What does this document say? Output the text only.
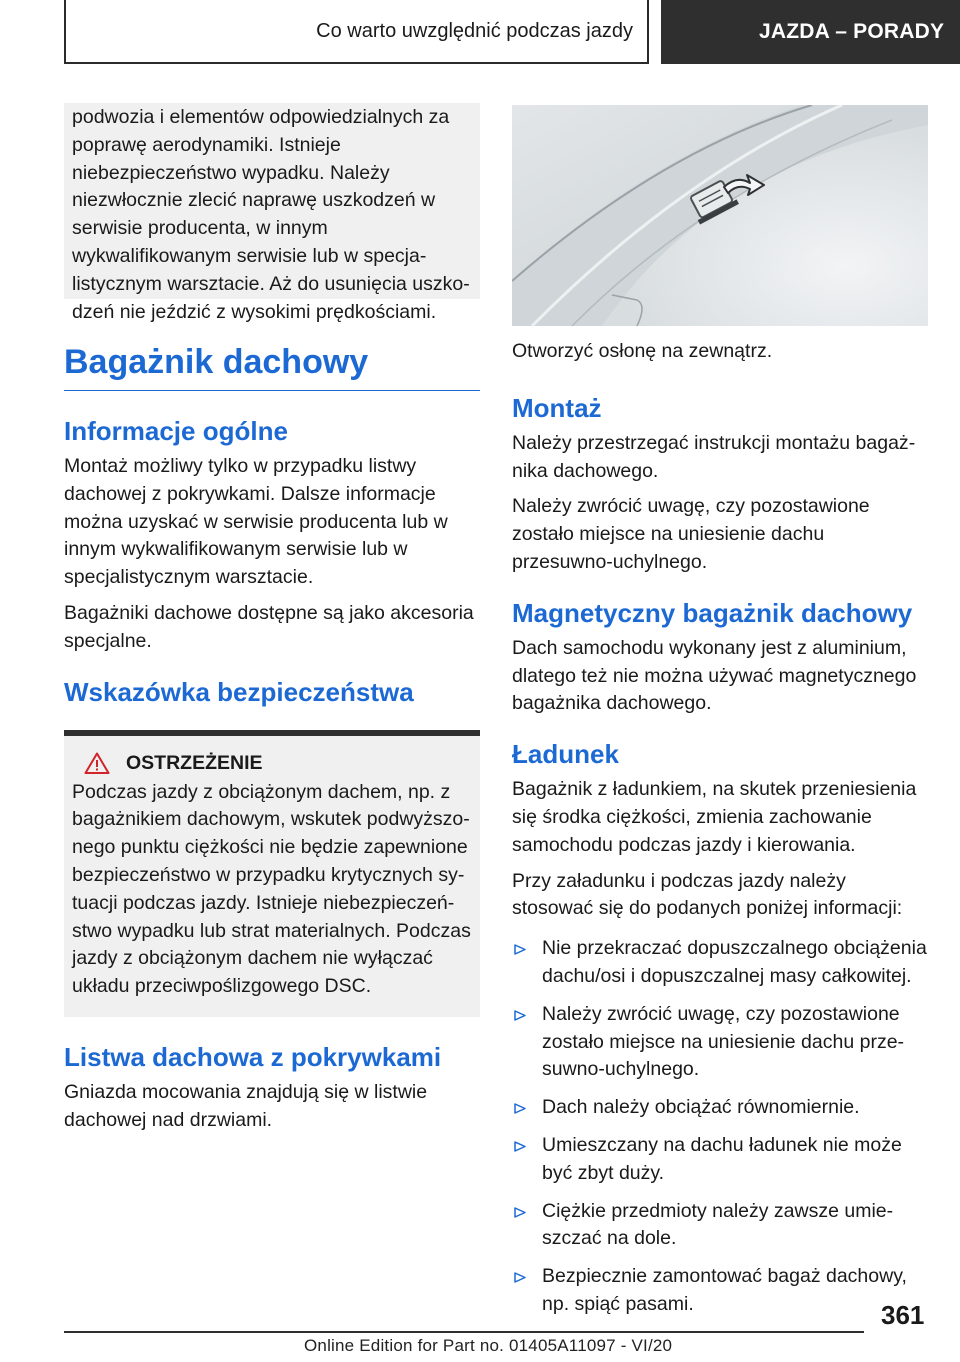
Co warto uwzględnić podczas jazdy	JAZDA – PORADY

podwozia i elementów odpowiedzialnych za poprawę aerodynamiki. Istnieje niebezpieczeństwo wypadku. Należy niezwłocznie zlecić naprawę uszkodzeń w serwisie producenta, w innym wykwalifikowanym serwisie lub w specjalistycznym warsztacie. Aż do usunięcia uszkodzeń nie jeździć z wysokimi prędkościami.

Bagażnik dachowy
Informacje ogólne

Montaż możliwy tylko w przypadku listwy dachowej z pokrywkami. Dalsze informacje można uzyskać w serwisie producenta lub w innym wykwalifikowanym serwisie lub w specjalistycznym warsztacie.

Bagażniki dachowe dostępne są jako akcesoria specjalne.

Wskazówka bezpieczeństwa
OSTRZEŻENIE

Podczas jazdy z obciążonym dachem, np. z bagażnikiem dachowym, wskutek podwyższonego punktu ciężkości nie będzie zapewnione bezpieczeństwo w przypadku krytycznych sytuacji podczas jazdy. Istnieje niebezpieczeństwo wypadku lub strat materialnych. Podczas jazdy z obciążonym dachem nie wyłączać układu przeciwpoślizgowego DSC.

Listwa dachowa z pokrywkami

Gniazda mocowania znajdują się w listwie dachowej nad drzwiami.

Otworzyć osłonę na zewnątrz.

Montaż

Należy przestrzegać instrukcji montażu bagażnika dachowego.

Należy zwrócić uwagę, czy pozostawione zostało miejsce na uniesienie dachu przesuwno-uchylnego.

Magnetyczny bagażnik dachowy

Dach samochodu wykonany jest z aluminium, dlatego też nie można używać magnetycznego bagażnika dachowego.

Ładunek

Bagażnik z ładunkiem, na skutek przeniesienia się środka ciężkości, zmienia zachowanie samochodu podczas jazdy i kierowania.

Przy załadunku i podczas jazdy należy stosować się do podanych poniżej informacji:

Nie przekraczać dopuszczalnego obciążenia dachu/osi i dopuszczalnej masy całkowitej.
Należy zwrócić uwagę, czy pozostawione zostało miejsce na uniesienie dachu przesuwno-uchylnego.
Dach należy obciążać równomiernie.
Umieszczany na dachu ładunek nie może być zbyt duży.
Ciężkie przedmioty należy zawsze umieszczać na dole.
Bezpiecznie zamontować bagaż dachowy, np. spiąć pasami.	361
Online Edition for Part no. 01405A11097 - VI/20
